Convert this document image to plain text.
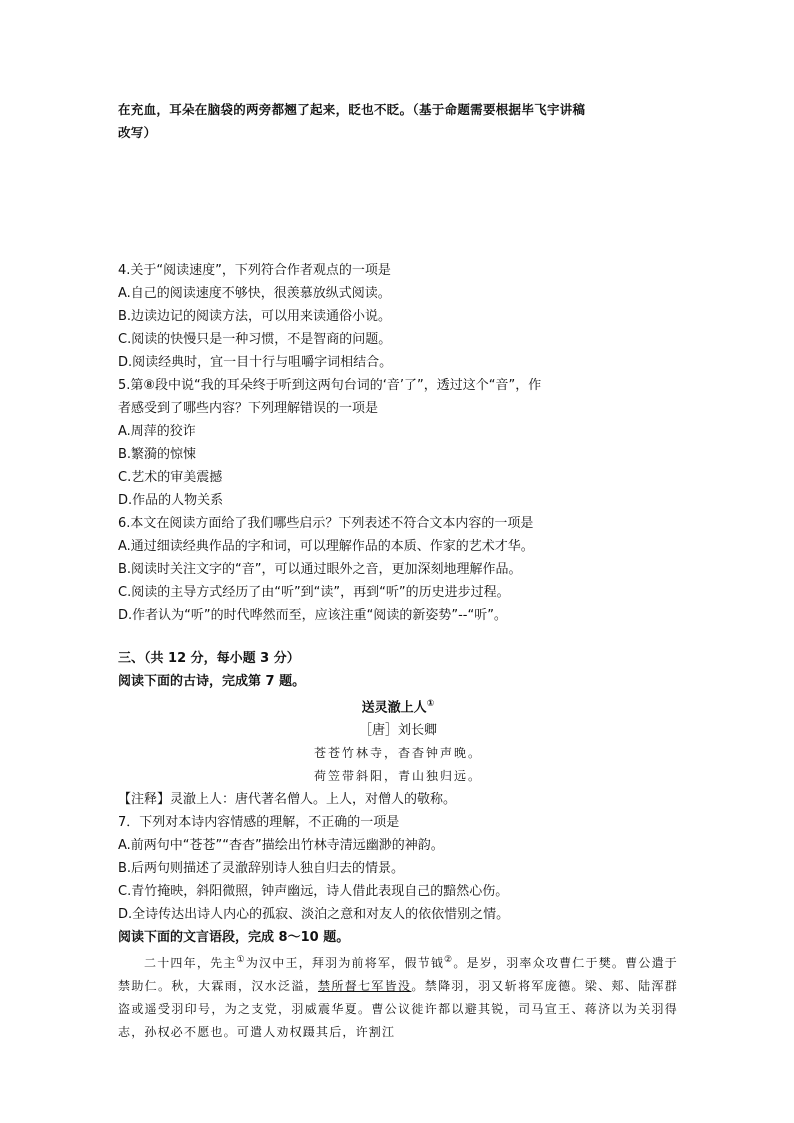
在充血，耳朵在脑袋的两旁都翘了起来，眨也不眨。（基于命题需要根据毕飞宇讲稿
改写）
4.关于“阅读速度”，下列符合作者观点的一项是
A.自己的阅读速度不够快，很羡慕放纵式阅读。
B.边读边记的阅读方法，可以用来读通俗小说。
C.阅读的快慢只是一种习惯，不是智商的问题。
D.阅读经典时，宜一目十行与咀嚼字词相结合。
5.第⑧段中说“我的耳朵终于听到这两句台词的‘音’了”，透过这个“音”，作
者感受到了哪些内容？下列理解错误的一项是
A.周萍的狡诈
B.繁漪的惊悚
C.艺术的审美震撼
D.作品的人物关系
6.本文在阅读方面给了我们哪些启示？下列表述不符合文本内容的一项是
A.通过细读经典作品的字和词，可以理解作品的本质、作家的艺术才华。
B.阅读时关注文字的“音”，可以通过眼外之音，更加深刻地理解作品。
C.阅读的主导方式经历了由“听”到“读”，再到“听”的历史进步过程。
D.作者认为“听”的时代哗然而至，应该注重“阅读的新姿势”--“听”。
三、（共 12 分，每小题 3 分）
阅读下面的古诗，完成第 7 题。
送灵澈上人①
［唐］刘长卿
苍苍竹林寺，杳杳钟声晚。
荷笠带斜阳，青山独归远。
【注释】灵澈上人：唐代著名僧人。上人，对僧人的敬称。
7．下列对本诗内容情感的理解，不正确的一项是
A.前两句中“苍苍”“杳杳”描绘出竹林寺清远幽渺的神韵。
B.后两句则描述了灵澈辞别诗人独自归去的情景。
C.青竹掩映，斜阳微照，钟声幽远，诗人借此表现自己的黯然心伤。
D.全诗传达出诗人内心的孤寂、淡泊之意和对友人的依依惜别之情。
阅读下面的文言语段，完成 8～10 题。
二十四年，先主①为汉中王，拜羽为前将军，假节钺②。是岁，羽率众攻曹仁于樊。曹公遣于禁助仁。秋，大霖雨，汉水泛溢，禁所督七军皆没。禁降羽，羽又斩将军庞德。梁、郏、陆浑群盗或遥受羽印号，为之支党，羽威震华夏。曹公议徙许都以避其锐，司马宣王、蒋济以为关羽得志，孙权必不愿也。可遣人劝权蹑其后，许割江
